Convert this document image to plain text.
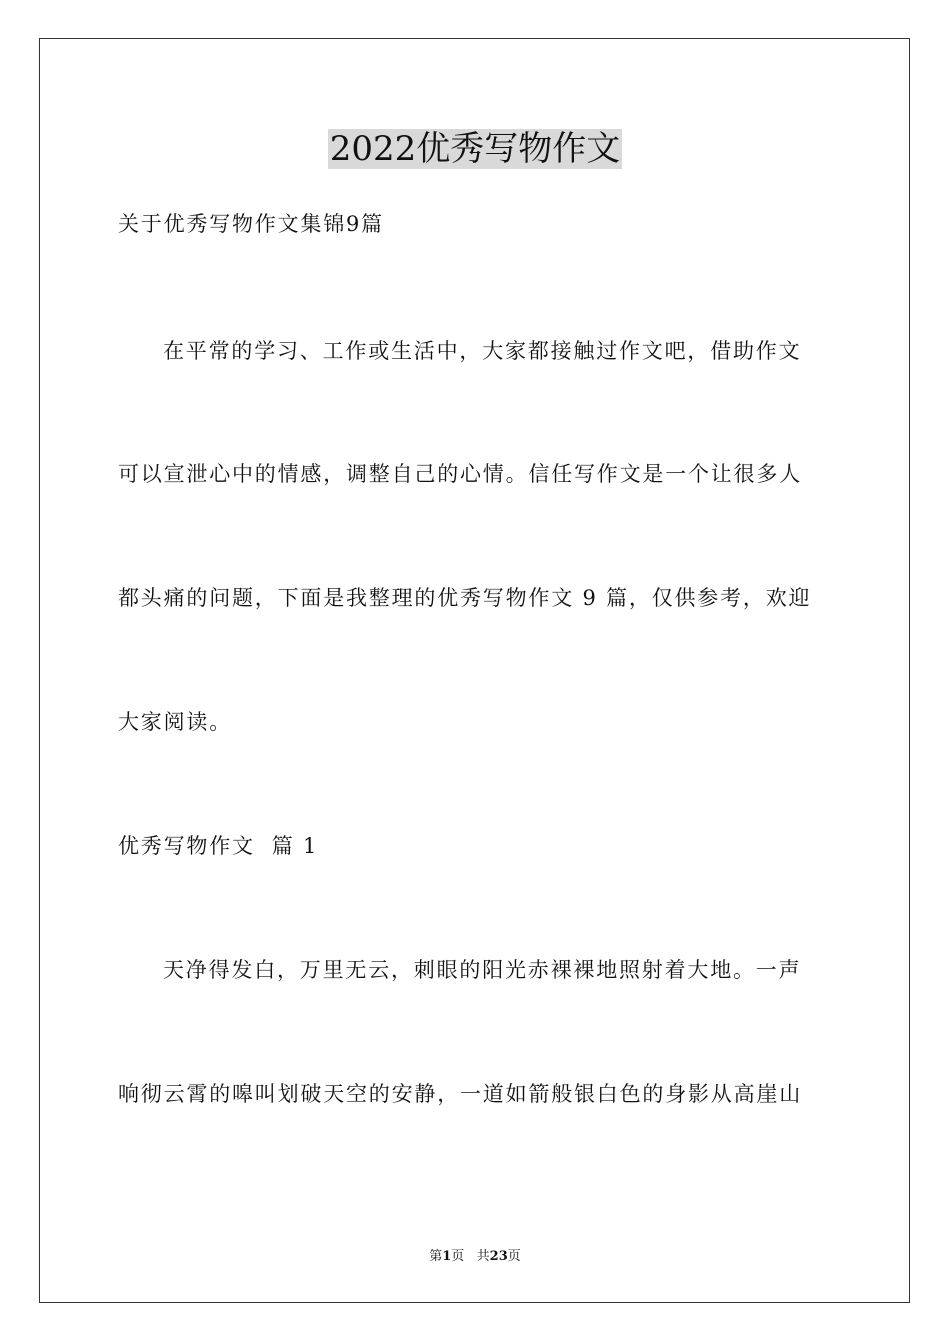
2022优秀写物作文
关于优秀写物作文集锦9篇
在平常的学习、工作或生活中，大家都接触过作文吧，借助作文
可以宣泄心中的情感，调整自己的心情。信任写作文是一个让很多人
都头痛的问题，下面是我整理的优秀写物作文 9 篇，仅供参考，欢迎
大家阅读。
优秀写物作文  篇 1
天净得发白，万里无云，刺眼的阳光赤裸裸地照射着大地。一声
响彻云霄的嗥叫划破天空的安静，一道如箭般银白色的身影从高崖山
第1页   共23页
